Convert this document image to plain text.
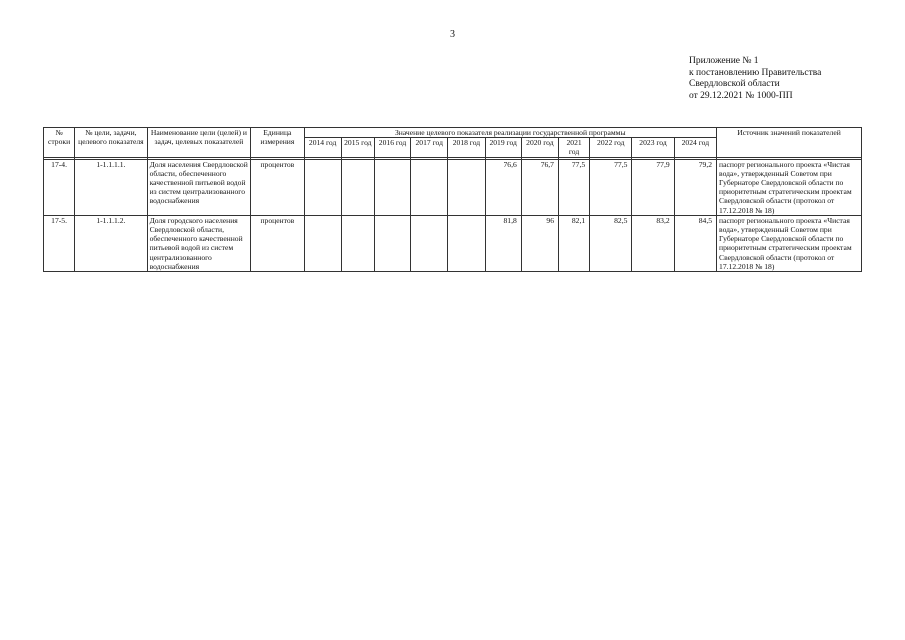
3
Приложение № 1
к постановлению Правительства
Свердловской области
от 29.12.2021 № 1000-ПП
№ строки	№ цели, задачи, целевого показателя	Наименование цели (целей) и задач, целевых показателей	Единица измерения	Значение целевого показателя реализации государственной программы											Источник значений показателей
				2014 год	2015 год	2016 год	2017 год	2018 год	2019 год	2020 год	2021 год	2022 год	2023 год	2024 год	

17-4.	1-1.1.1.1.	Доля населения Свердловской области, обеспеченного качественной питьевой водой из систем централизованного водоснабжения	процентов						76,6	76,7	77,5	77,5	77,9	79,2	паспорт регионального проекта «Чистая вода», утвержденный Советом при Губернаторе Свердловской области по приоритетным стратегическим проектам Свердловской области (протокол от 17.12.2018 № 18)
17-5.	1-1.1.1.2.	Доля городского населения Свердловской области, обеспеченного качественной питьевой водой из систем централизованного водоснабжения	процентов						81,8	96	82,1	82,5	83,2	84,5	паспорт регионального проекта «Чистая вода», утвержденный Советом при Губернаторе Свердловской области по приоритетным стратегическим проектам Свердловской области (протокол от 17.12.2018 № 18)
